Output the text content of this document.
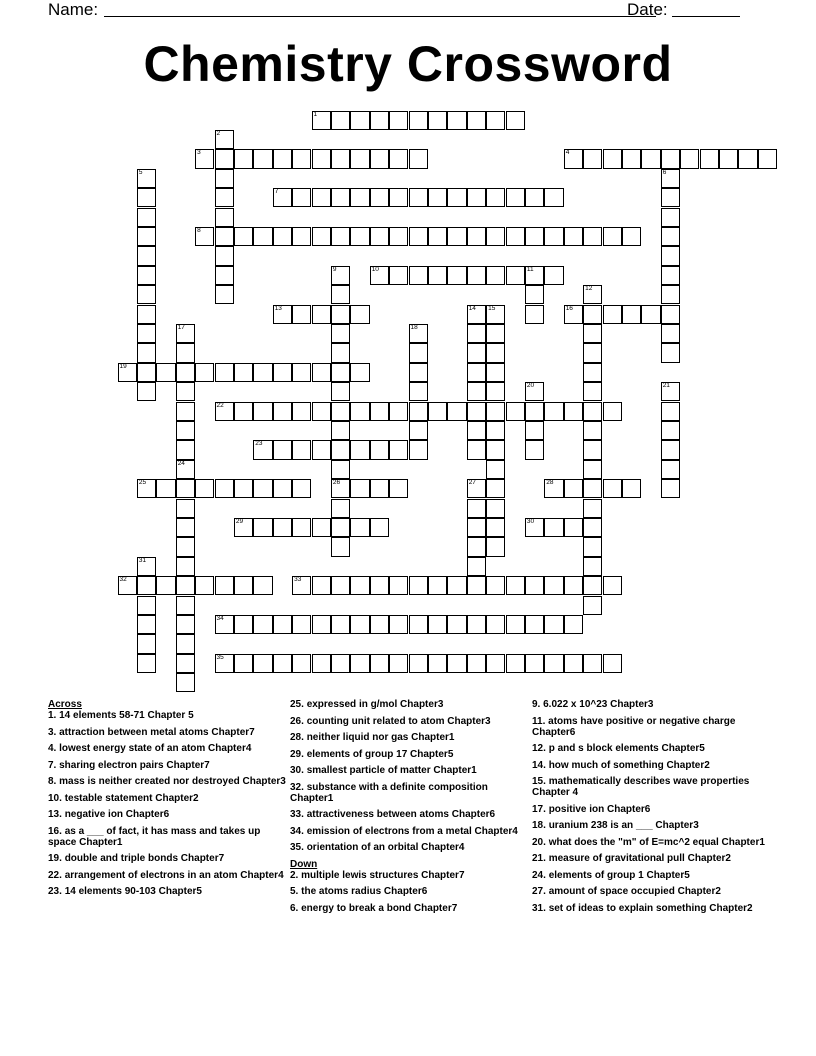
Name:	Date:
Chemistry Crossword
1
2
3	4
5	6
7
8
9
26
10	11
12
13	14 15	16
17	18
19
20	21
22
23
24
25	27	28
29	30
31
32	33
34
35
Across
1. 14 elements 58-71 Chapter 5
3. attraction between metal atoms Chapter7
4. lowest energy state of an atom Chapter4
7. sharing electron pairs Chapter7
8. mass is neither created nor destroyed Chapter3
10. testable statement Chapter2
13. negative ion Chapter6
16. as a ___ of fact, it has mass and takes up space Chapter1
19. double and triple bonds Chapter7
22. arrangement of electrons in an atom Chapter4
23. 14 elements 90-103 Chapter5
25. expressed in g/mol Chapter3
26. counting unit related to atom Chapter3
28. neither liquid nor gas Chapter1
29. elements of group 17 Chapter5
30. smallest particle of matter Chapter1
32. substance with a definite composition Chapter1
33. attractiveness between atoms Chapter6
34. emission of electrons from a metal Chapter4
35. orientation of an orbital Chapter4
Down
2. multiple lewis structures Chapter7
5. the atoms radius Chapter6
6. energy to break a bond Chapter7
9. 6.022 x 10^23 Chapter3
11. atoms have positive or negative charge Chapter6
12. p and s block elements Chapter5
14. how much of something Chapter2
15. mathematically describes wave properties Chapter 4
17. positive ion Chapter6
18. uranium 238 is an ___ Chapter3
20. what does the "m" of E=mc^2 equal Chapter1
21. measure of gravitational pull Chapter2
24. elements of group 1 Chapter5
27. amount of space occupied Chapter2
31. set of ideas to explain something Chapter2
